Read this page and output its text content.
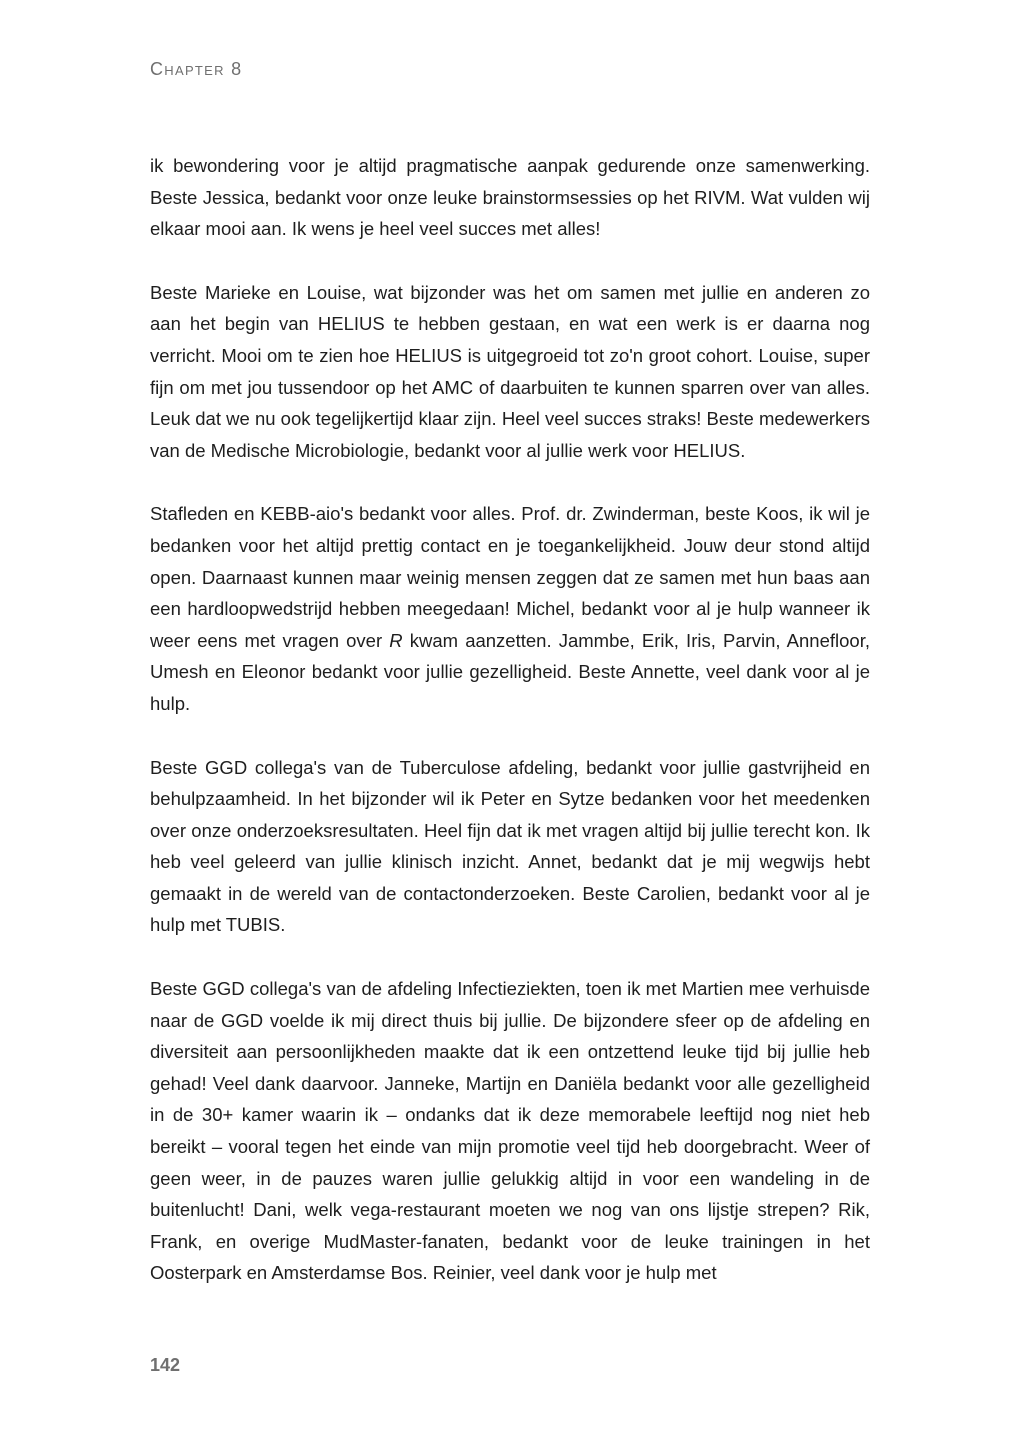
Chapter 8

ik bewondering voor je altijd pragmatische aanpak gedurende onze samenwerking. Beste Jessica, bedankt voor onze leuke brainstormsessies op het RIVM. Wat vulden wij elkaar mooi aan. Ik wens je heel veel succes met alles!

Beste Marieke en Louise, wat bijzonder was het om samen met jullie en anderen zo aan het begin van HELIUS te hebben gestaan, en wat een werk is er daarna nog verricht. Mooi om te zien hoe HELIUS is uitgegroeid tot zo'n groot cohort. Louise, super fijn om met jou tussendoor op het AMC of daarbuiten te kunnen sparren over van alles. Leuk dat we nu ook tegelijkertijd klaar zijn. Heel veel succes straks! Beste medewerkers van de Medische Microbiologie, bedankt voor al jullie werk voor HELIUS.

Stafleden en KEBB-aio's bedankt voor alles. Prof. dr. Zwinderman, beste Koos, ik wil je bedanken voor het altijd prettig contact en je toegankelijkheid. Jouw deur stond altijd open. Daarnaast kunnen maar weinig mensen zeggen dat ze samen met hun baas aan een hardloopwedstrijd hebben meegedaan! Michel, bedankt voor al je hulp wanneer ik weer eens met vragen over R kwam aanzetten. Jammbe, Erik, Iris, Parvin, Annefloor, Umesh en Eleonor bedankt voor jullie gezelligheid. Beste Annette, veel dank voor al je hulp.

Beste GGD collega's van de Tuberculose afdeling, bedankt voor jullie gastvrijheid en behulpzaamheid. In het bijzonder wil ik Peter en Sytze bedanken voor het meedenken over onze onderzoeksresultaten. Heel fijn dat ik met vragen altijd bij jullie terecht kon. Ik heb veel geleerd van jullie klinisch inzicht. Annet, bedankt dat je mij wegwijs hebt gemaakt in de wereld van de contactonderzoeken. Beste Carolien, bedankt voor al je hulp met TUBIS.

Beste GGD collega's van de afdeling Infectieziekten, toen ik met Martien mee verhuisde naar de GGD voelde ik mij direct thuis bij jullie. De bijzondere sfeer op de afdeling en diversiteit aan persoonlijkheden maakte dat ik een ontzettend leuke tijd bij jullie heb gehad! Veel dank daarvoor. Janneke, Martijn en Daniëla bedankt voor alle gezelligheid in de 30+ kamer waarin ik – ondanks dat ik deze memorabele leeftijd nog niet heb bereikt – vooral tegen het einde van mijn promotie veel tijd heb doorgebracht. Weer of geen weer, in de pauzes waren jullie gelukkig altijd in voor een wandeling in de buitenlucht! Dani, welk vega-restaurant moeten we nog van ons lijstje strepen? Rik, Frank, en overige MudMaster-fanaten, bedankt voor de leuke trainingen in het Oosterpark en Amsterdamse Bos. Reinier, veel dank voor je hulp met

142
